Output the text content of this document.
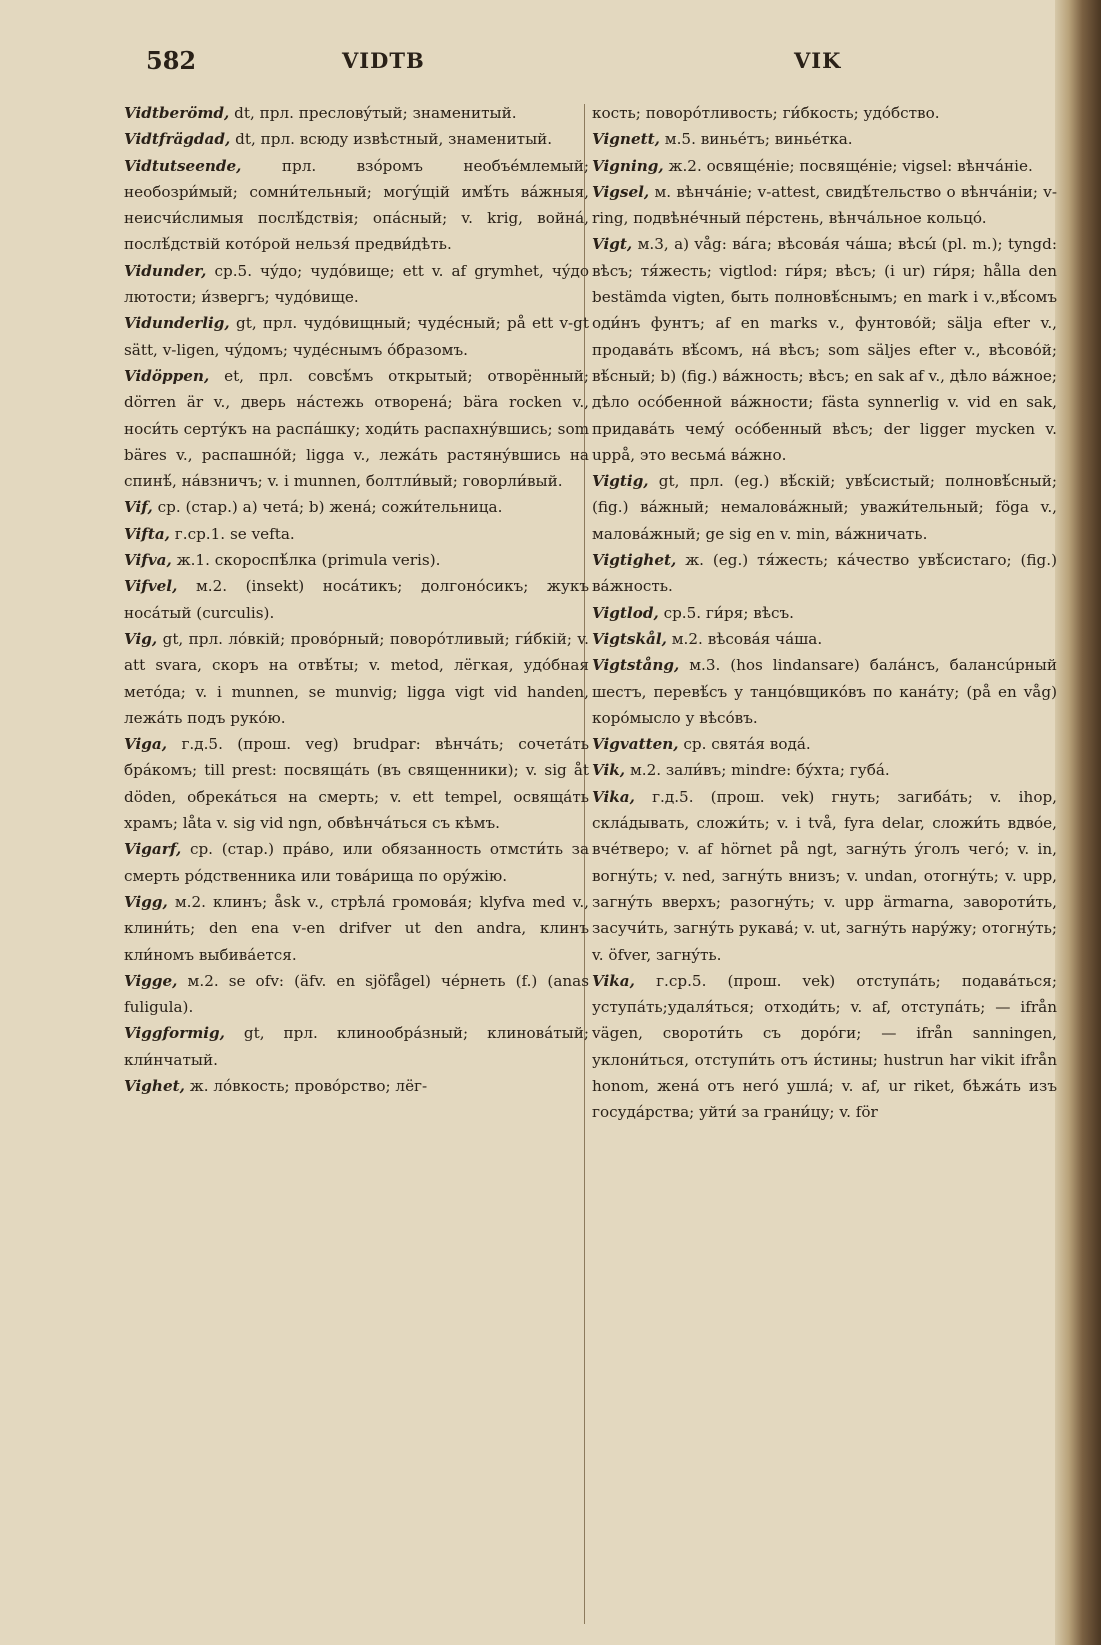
582	VIDTB	VIK

Vidtberömd, dt, прл. пресловýтый; знаменитый.

Vidtfrägdad, dt, прл. всюду извѣстный, знаменитый.

Vidtutseende,	прл. взóромъ необъéмлемый; необозри́мый; сомни́тельный; могýщій имѣ́ть вáжныя, неисчи́слимыя послѣ́дствія; опáсный; v. krig, войнá, послѣ́дствій котóрой нельзя́ предви́дѣть.

Vidunder, ср.5. чýдо; чудóвище; ett v. af grymhet, чýдо лютости; и́звергъ; чудóвище.

Vidunderlig, gt, прл. чудóвищный; чудéсный; på ett v-gt sätt, v-ligen, чýдомъ; чудéснымъ óбразомъ.

Vidöppen, et, прл. совсѣ́мъ открытый; отворённый; dörren är v., дверь нáстежь отворенá; bära rocken v., носи́ть сертýкъ на распáшку; ходи́ть распахнýвшись; som bäres v., распашнóй; ligga v., лежáть растянýвшись на спинѣ́, нáвзничъ; v. i munnen, болтли́вый; говорли́вый.

Vif, ср. (стар.) a) четá; b) женá; сожи́тельница.

Vifta, г.ср.1. se vefta.

Vifva, ж.1. скороспѣ́лка (primula veris).

Vifvel, м.2. (insekt) носáтикъ; долгонóсикъ; жукъ носáтый (curculis).

Vig, gt, прл. лóвкій; провóрный; поворóтливый; ги́бкій; v. att svara, скоръ на отвѣ́ты; v. metod, лёгкая, удóбная метóда; v. i munnen, se munvig; ligga vigt vid handen, лежáть подъ рукóю.

Viga, г.д.5. (прош. veg) brudpar: вѣнчáть; сочетáть брáкомъ; till prest: посвящáть (въ священники); v. sig åt döden, обрекáться на смерть; v. ett tempel, освящáть храмъ; låta v. sig vid ngn, обвѣнчáться съ кѣмъ.

Vigarf, ср. (стар.) прáво, или обязанность отмсти́ть за смерть рóдственника или товáрища по орýжію.

Vigg, м.2. клинъ; åsk v., стрѣлá громовáя; klyfva med v., клини́ть; den ena v-en drifver ut den andra, клинъ кли́номъ выбивáется.

Vigge, м.2. se ofv: (äfv. en sjöfågel) чéрнеть (f.) (anas fuligula).

Viggformig, gt, прл. клинообрáзный; клиновáтый; кли́нчатый.

Vighet, ж. лóвкость; провóрство; лёг-

кость; поворóтливость; ги́бкость; удóбство.

Vignett, м.5. виньéтъ; виньéтка.

Vigning, ж.2. освящéніе; посвящéніе; vigsel: вѣнчáніе.

Vigsel, м. вѣнчáніе; v-attest, свидѣ́тельство о вѣнчáніи; v-ring, подвѣнéчный пéрстень, вѣнчáльное кольцó.

Vigt, м.3, a) våg: вáга; вѣсовáя чáша; вѣсы́ (pl. m.); tyngd: вѣсъ; тя́жесть; vigtlod: ги́ря; вѣсъ; (i ur) ги́ря; hålla den bestämda vigten, быть полновѣ́снымъ; en mark i v.,вѣ́сомъ оди́нъ фунтъ; af en marks v., фунтовóй; sälja efter v., продавáть вѣ́сомъ, нá вѣсъ; som säljes efter v., вѣсовóй; вѣ́сный; b) (fig.) вáжность; вѣсъ; en sak af v., дѣло вáжное; дѣло осóбенной вáжности; fästa synnerlig v. vid en sak, придавáть чемý осóбенный вѣсъ; der ligger mycken v. uppå, это весьмá вáжно.

Vigtig, gt, прл. (eg.) вѣ́скій; увѣ́систый; полновѣ́сный; (fig.) вáжный; немаловáжный; уважи́тельный; föga v., маловáжный; ge sig en v. min, вáжничать.

Vigtighet, ж. (eg.) тя́жесть; кáчество увѣ́систаго; (fig.) вáжность.

Vigtlod, ср.5. ги́ря; вѣсъ.

Vigtskål, м.2. вѣсовáя чáша.

Vigtstång, м.3. (hos lindansare) балáнсъ, балансúрный шестъ, перевѣ́съ у танцóвщикóвъ по канáту; (på en våg) корóмысло у вѣсóвъ.

Vigvatten, ср. святáя водá.

Vik, м.2. зали́въ; mindre: бýхта; губá.

Vika, г.д.5. (прош. vek) гнуть; загибáть; v. ihop, склáдывать, сложи́ть; v. i två, fyra delar, сложи́ть вдвóе, вчéтверо; v. af hörnet på ngt, загнýть ýголъ чегó; v. in, вогнýть; v. ned, загнýть внизъ; v. undan, отогнýть; v. upp, загнýть вверхъ; разогнýть; v. upp ärmarna, заворoти́ть, засучи́ть, загнýть рукавá; v. ut, загнýть нарýжу; отогнýть; v. öfver, загнýть.

Vika, г.ср.5. (прош. vek) отступáть; подавáться; уступáть;удаля́ться; отходи́ть; v. af, отступáть; — ifrån vägen, свороти́ть съ дорóги; — ifrån sanningen, уклони́ться, отступи́ть отъ и́стины; hustrun har vikit ifrån honom, женá отъ негó ушлá; v. af, ur riket, бѣжáть изъ госудáрства; уйти́ за грани́цу; v. för
